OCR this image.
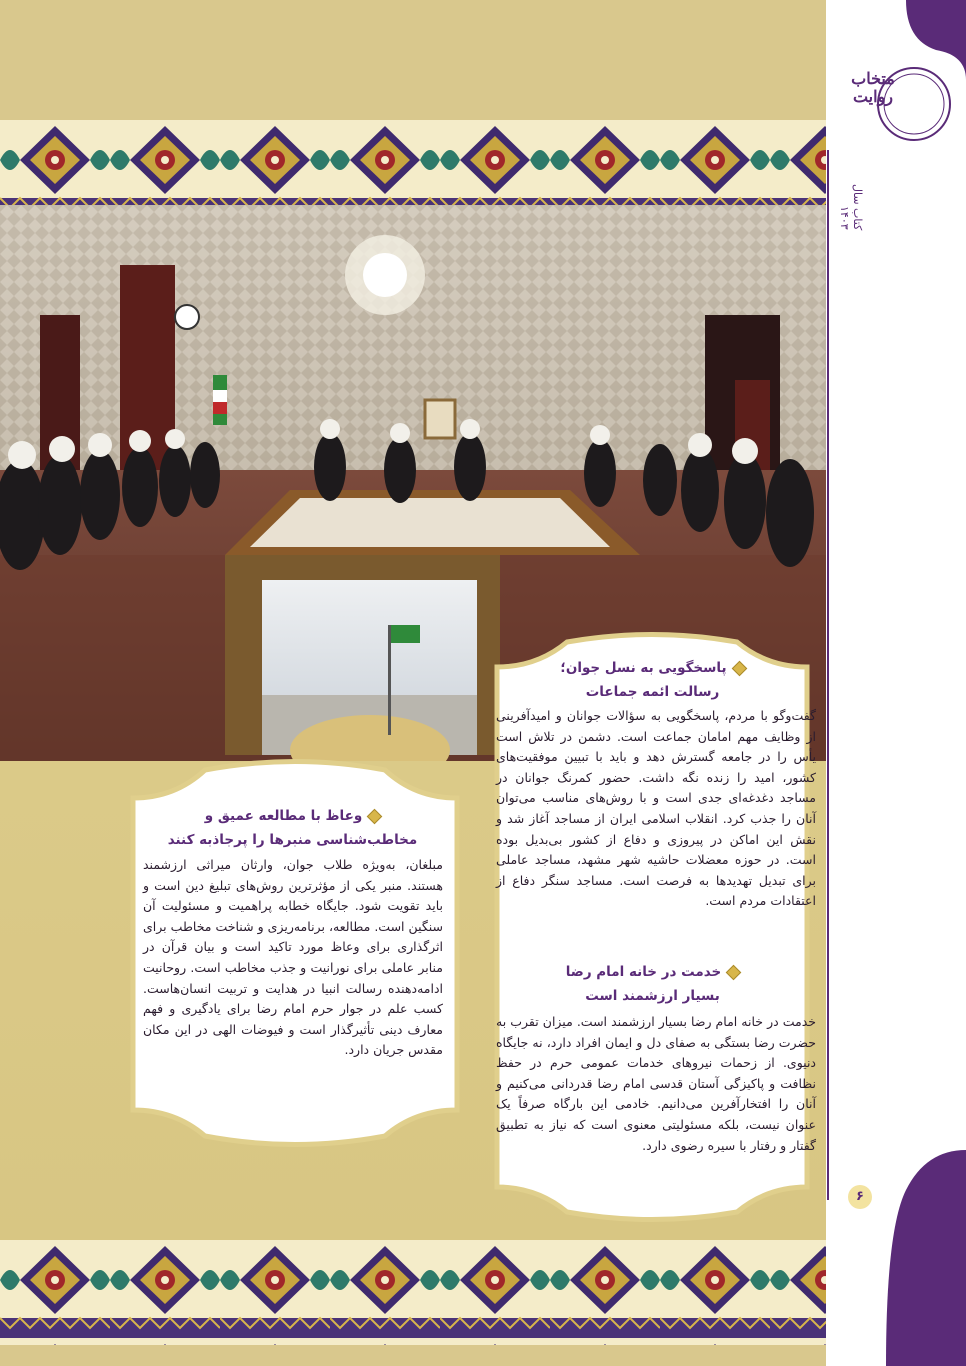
متخاب روایت
کتاب سال ۱۴۰۳
۶
پاسخگویی به نسل جوان؛
رسالت ائمه جماعات
گفت‌وگو با مردم، پاسخگویی به سؤالات جوانان و امیدآفرینی از وظایف مهم امامان جماعت است. دشمن در تلاش است یأس را در جامعه گسترش دهد و باید با تبیین موفقیت‌های کشور، امید را زنده نگه داشت. حضور کمرنگ جوانان در مساجد دغدغه‌ای جدی است و با روش‌های مناسب می‌توان آنان را جذب کرد. انقلاب اسلامی ایران از مساجد آغاز شد و نقش این اماکن در پیروزی و دفاع از کشور بی‌بدیل بوده است. در حوزه معضلات حاشیه شهر مشهد، مساجد عاملی برای تبدیل تهدیدها به فرصت است. مساجد سنگر دفاع از اعتقادات مردم است.
خدمت در خانه امام رضا
بسیار ارزشمند است
خدمت در خانه امام رضا بسیار ارزشمند است. میزان تقرب به حضرت رضا بستگی به صفای دل و ایمان افراد دارد، نه جایگاه دنیوی. از زحمات نیروهای خدمات عمومی حرم در حفظ نظافت و پاکیزگی آستان قدسی امام رضا قدردانی می‌کنیم و آنان را افتخارآفرین می‌دانیم. خادمی این بارگاه صرفاً یک عنوان نیست، بلکه مسئولیتی معنوی است که نیاز به تطبیق گفتار و رفتار با سیره رضوی دارد.
وعاظ با مطالعه عمیق و
مخاطب‌شناسی منبرها را پرجاذبه کنند
مبلغان، به‌ویژه طلاب جوان، وارثان میراثی ارزشمند هستند. منبر یکی از مؤثرترین روش‌های تبلیغ دین است و باید تقویت شود. جایگاه خطابه پراهمیت و مسئولیت آن سنگین است. مطالعه، برنامه‌ریزی و شناخت مخاطب برای اثرگذاری برای وعاظ مورد تاکید است و بیان قرآن در منابر عاملی برای نورانیت و جذب مخاطب است. روحانیت ادامه‌دهنده رسالت انبیا در هدایت و تربیت انسان‌هاست. کسب علم در جوار حرم امام رضا برای یادگیری و فهم معارف دینی تأثیرگذار است و فیوضات الهی در این مکان مقدس جریان دارد.
